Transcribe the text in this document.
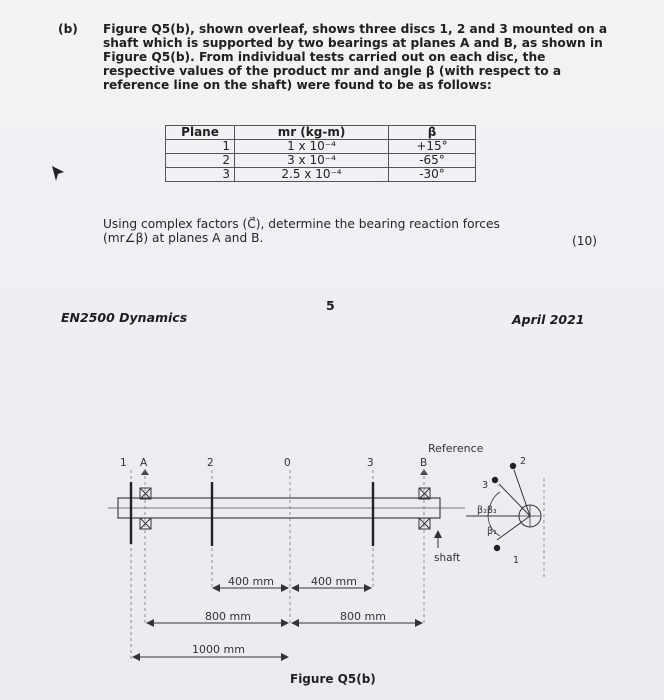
(b) Figure Q5(b), shown overleaf, shows three discs 1, 2 and 3 mounted on a
shaft which is supported by two bearings at planes A and B, as shown in
Figure Q5(b). From individual tests carried out on each disc, the
respective values of the product mr and angle β (with respect to a
reference line on the shaft) were found to be as follows:
Plane	mr (kg-m)	β
1	1 x 10⁻⁴	+15°
2	3 x 10⁻⁴	-65°
3	2.5 x 10⁻⁴	-30°
Using complex factors (C⃗), determine the bearing reaction forces
(mr∠β) at planes A and B.	(10)
5
EN2500 Dynamics	April 2021
1 A	2	0	3	B
Reference
shaft
3
2
1
β₂β₃
β₁
400 mm	400 mm
800 mm	800 mm
1000 mm
Figure Q5(b)
